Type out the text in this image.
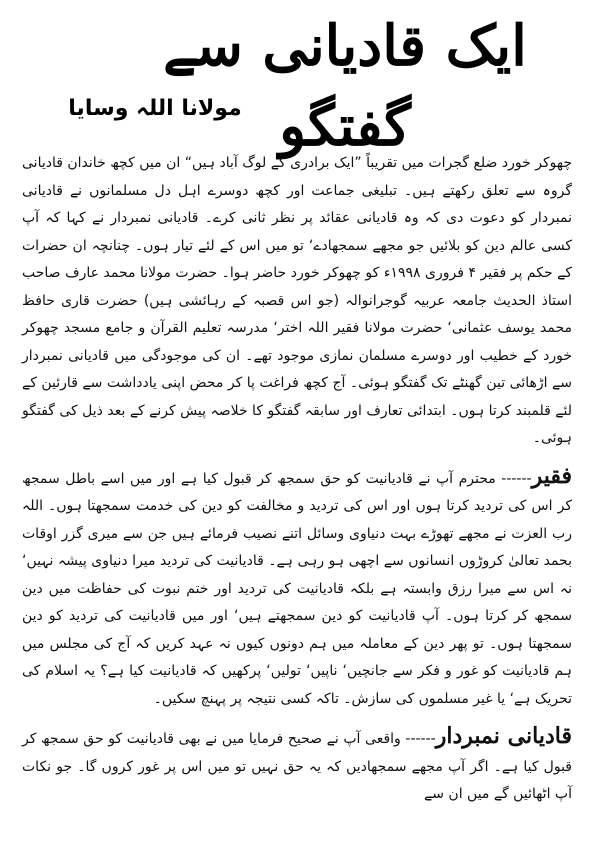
ایک قادیانی سے گفتگو
مولانا اللہ وسایا

چھوکر خورد ضلع گجرات میں تقریباً ”ایک برادری کے لوگ آباد ہیں“ ان میں کچھ خاندان قادیانی گروہ سے تعلق رکھتے ہیں۔ تبلیغی جماعت اور کچھ دوسرے اہل دل مسلمانوں نے قادیانی نمبردار کو دعوت دی کہ وہ قادیانی عقائد پر نظر ثانی کرے۔ قادیانی نمبردار نے کہا کہ آپ کسی عالم دین کو بلائیں جو مجھے سمجھادے‘ تو میں اس کے لئے تیار ہوں۔ چنانچہ ان حضرات کے حکم پر فقیر ۴ فروری ۱۹۹۸ء کو چھوکر خورد حاضر ہوا۔ حضرت مولانا محمد عارف صاحب استاذ الحدیث جامعہ عربیہ گوجرانوالہ (جو اس قصبہ کے رہائشی ہیں) حضرت قاری حافظ محمد یوسف عثمانی‘ حضرت مولانا فقیر اللہ اختر‘ مدرسہ تعلیم القرآن و جامع مسجد چھوکر خورد کے خطیب اور دوسرے مسلمان نمازی موجود تھے۔ ان کی موجودگی میں قادیانی نمبردار سے اڑھائی تین گھنٹے تک گفتگو ہوئی۔ آج کچھ فراغت پا کر محض اپنی یادداشت سے قارئین کے لئے قلمبند کرتا ہوں۔ ابتدائی تعارف اور سابقہ گفتگو کا خلاصہ پیش کرنے کے بعد ذیل کی گفتگو ہوئی۔

فقیر------ محترم آپ نے قادیانیت کو حق سمجھ کر قبول کیا ہے اور میں اسے باطل سمجھ کر اس کی تردید کرتا ہوں اور اس کی تردید و مخالفت کو دین کی خدمت سمجھتا ہوں۔ اللہ رب العزت نے مجھے تھوڑے بہت دنیاوی وسائل اتنے نصیب فرمائے ہیں جن سے میری گزر اوقات بحمد تعالیٰ کروڑوں انسانوں سے اچھی ہو رہی ہے۔ قادیانیت کی تردید میرا دنیاوی پیشہ نہیں‘ نہ اس سے میرا رزق وابستہ ہے بلکہ قادیانیت کی تردید اور ختم نبوت کی حفاظت میں دین سمجھ کر کرتا ہوں۔ آپ قادیانیت کو دین سمجھتے ہیں‘ اور میں قادیانیت کی تردید کو دین سمجھتا ہوں۔ تو پھر دین کے معاملہ میں ہم دونوں کیوں نہ عہد کریں کہ آج کی مجلس میں ہم قادیانیت کو غور و فکر سے جانچیں‘ ناپیں‘ تولیں‘ پرکھیں کہ قادیانیت کیا ہے؟ یہ اسلام کی تحریک ہے‘ یا غیر مسلموں کی سازش۔ تاکہ کسی نتیجہ پر پہنچ سکیں۔

قادیانی نمبردار------ واقعی آپ نے صحیح فرمایا میں نے بھی قادیانیت کو حق سمجھ کر قبول کیا ہے۔ اگر آپ مجھے سمجھادیں کہ یہ حق نہیں تو میں اس پر غور کروں گا۔ جو نکات آپ اٹھائیں گے میں ان سے
